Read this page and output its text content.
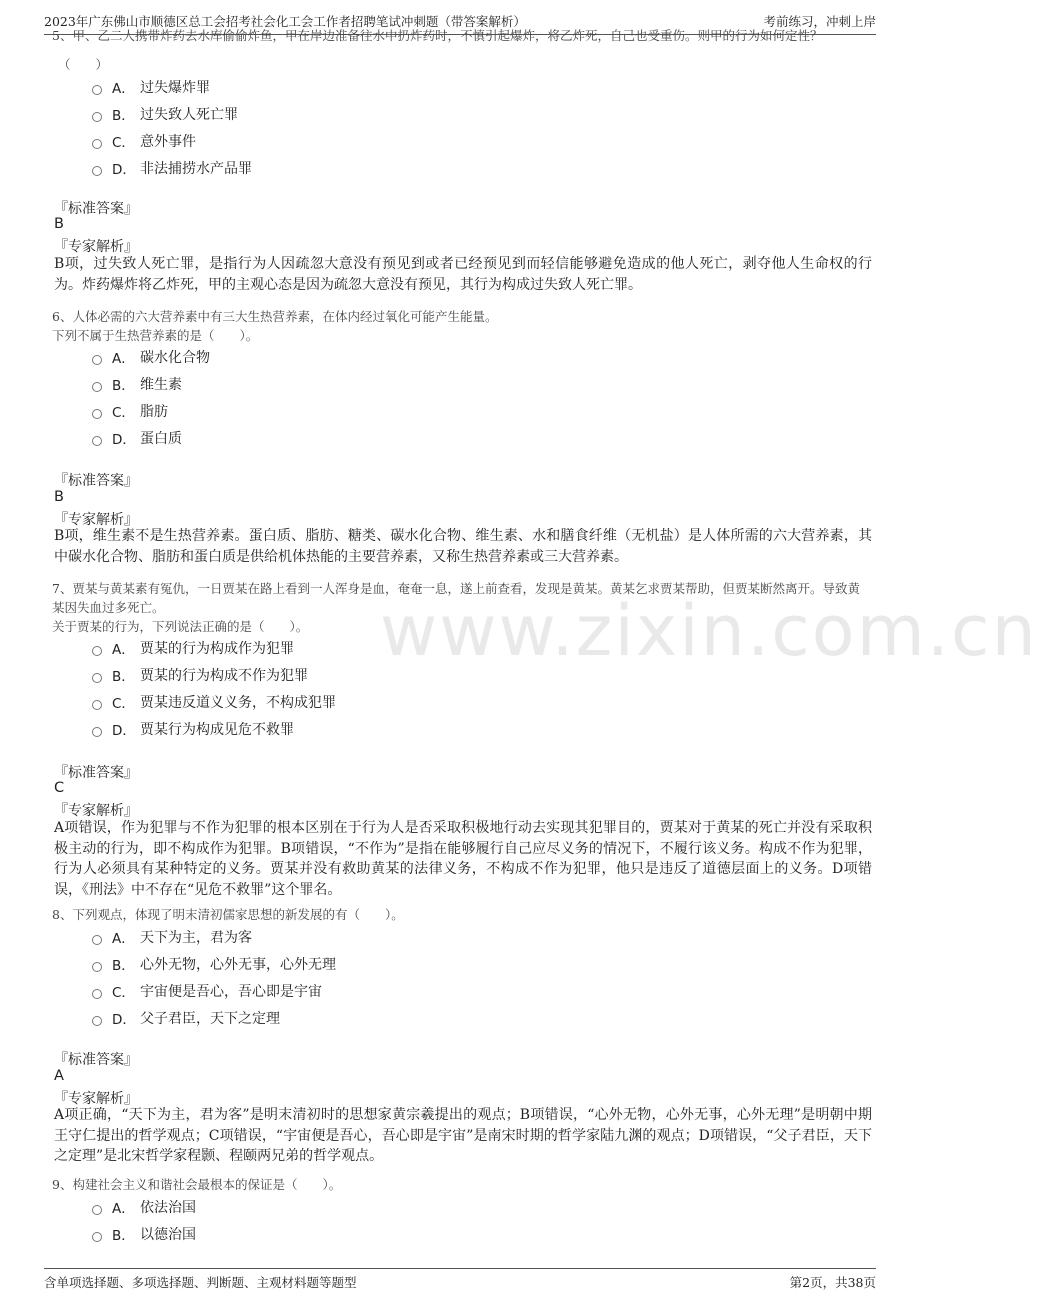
www.zixin.com.cn
2023年广东佛山市顺德区总工会招考社会化工会工作者招聘笔试冲刺题（带答案解析）	考前练习，冲刺上岸
5、甲、乙二人携带炸药去水库偷偷炸鱼，甲在岸边准备往水中扔炸药时，不慎引起爆炸，将乙炸死，自己也受重伤。则甲的行为如何定性？
（　　）
A． 过失爆炸罪
B． 过失致人死亡罪
C． 意外事件
D． 非法捕捞水产品罪
『标准答案』
B
『专家解析』
B项，过失致人死亡罪，是指行为人因疏忽大意没有预见到或者已经预见到而轻信能够避免造成的他人死亡，剥夺他人生命权的行为。炸药爆炸将乙炸死，甲的主观心态是因为疏忽大意没有预见，其行为构成过失致人死亡罪。
6、人体必需的六大营养素中有三大生热营养素，在体内经过氧化可能产生能量。
下列不属于生热营养素的是（　　）。
A． 碳水化合物
B． 维生素
C． 脂肪
D． 蛋白质
『标准答案』
B
『专家解析』
B项，维生素不是生热营养素。蛋白质、脂肪、糖类、碳水化合物、维生素、水和膳食纤维（无机盐）是人体所需的六大营养素，其中碳水化合物、脂肪和蛋白质是供给机体热能的主要营养素，又称生热营养素或三大营养素。
7、贾某与黄某素有冤仇，一日贾某在路上看到一人浑身是血，奄奄一息，遂上前查看，发现是黄某。黄某乞求贾某帮助，但贾某断然离开。导致黄某因失血过多死亡。
关于贾某的行为，下列说法正确的是（　　）。
A． 贾某的行为构成作为犯罪
B． 贾某的行为构成不作为犯罪
C． 贾某违反道义义务，不构成犯罪
D． 贾某行为构成见危不救罪
『标准答案』
C
『专家解析』
A项错误，作为犯罪与不作为犯罪的根本区别在于行为人是否采取积极地行动去实现其犯罪目的，贾某对于黄某的死亡并没有采取积极主动的行为，即不构成作为犯罪。B项错误，“不作为”是指在能够履行自己应尽义务的情况下，不履行该义务。构成不作为犯罪，行为人必须具有某种特定的义务。贾某并没有救助黄某的法律义务，不构成不作为犯罪，他只是违反了道德层面上的义务。D项错误，《刑法》中不存在“见危不救罪”这个罪名。
8、下列观点，体现了明末清初儒家思想的新发展的有（　　）。
A． 天下为主，君为客
B． 心外无物，心外无事，心外无理
C． 宇宙便是吾心，吾心即是宇宙
D． 父子君臣，天下之定理
『标准答案』
A
『专家解析』
A项正确，“天下为主，君为客”是明末清初时的思想家黄宗羲提出的观点；B项错误，“心外无物，心外无事，心外无理”是明朝中期王守仁提出的哲学观点；C项错误，“宇宙便是吾心，吾心即是宇宙”是南宋时期的哲学家陆九渊的观点；D项错误，“父子君臣，天下之定理”是北宋哲学家程颢、程颐两兄弟的哲学观点。
9、构建社会主义和谐社会最根本的保证是（　　）。
A． 依法治国
B． 以德治国
含单项选择题、多项选择题、判断题、主观材料题等题型	第2页，共38页
